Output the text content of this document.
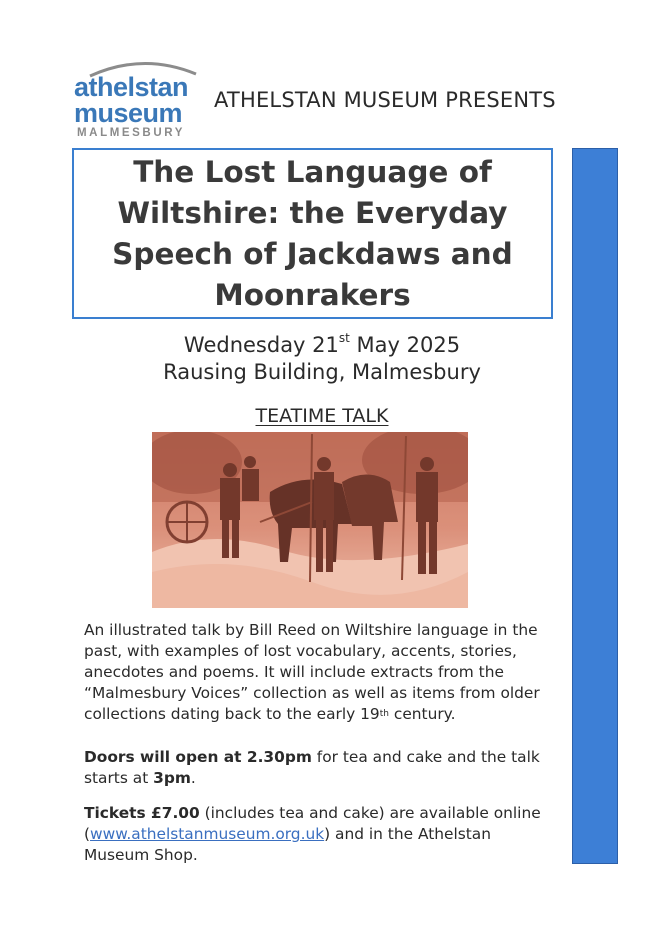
athelstan
museum
MALMESBURY
ATHELSTAN MUSEUM PRESENTS
The Lost Language of Wiltshire: the Everyday Speech of Jackdaws and Moonrakers
Wednesday 21st May 2025
Rausing Building, Malmesbury
TEATIME TALK
An illustrated talk by Bill Reed on Wiltshire language in the past, with examples of lost vocabulary, accents, stories, anecdotes and poems. It will include extracts from the “Malmesbury Voices” collection as well as items from older collections dating back to the early 19th century.
Doors will open at 2.30pm for tea and cake and the talk starts at 3pm.
Tickets £7.00 (includes tea and cake) are available online (www.athelstanmuseum.org.uk) and in the Athelstan Museum Shop.
